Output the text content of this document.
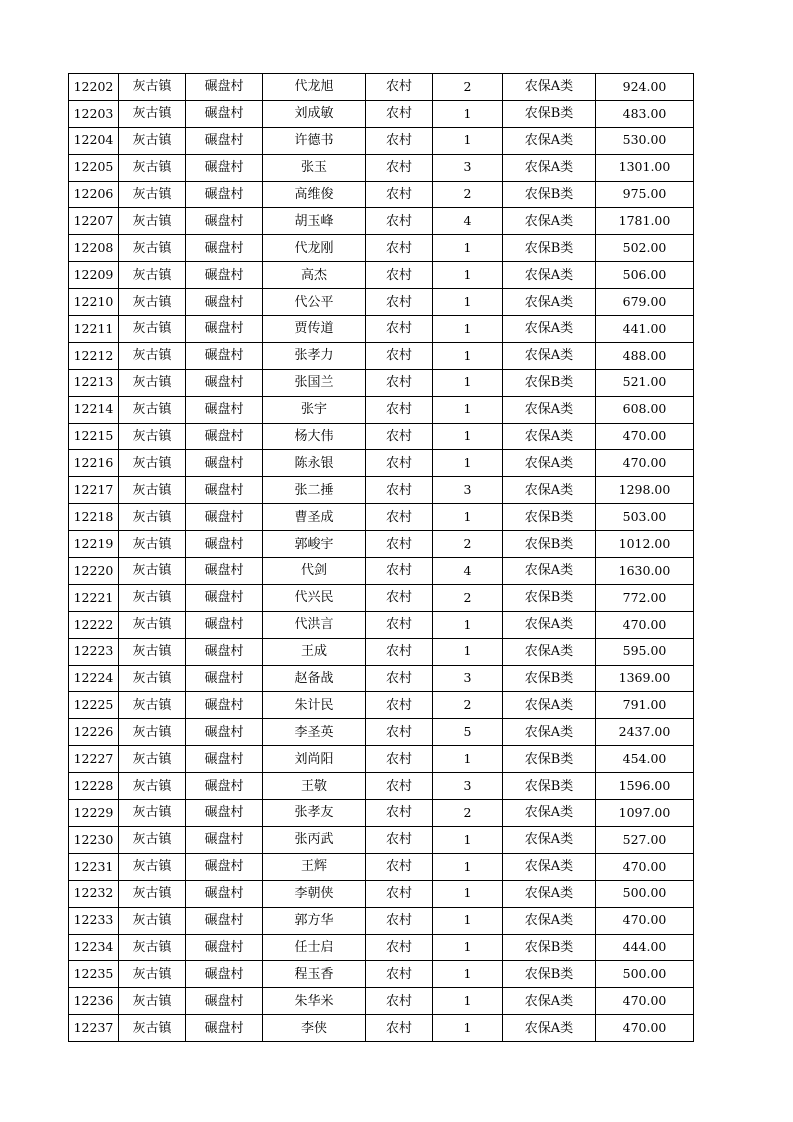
12202	灰古镇	碾盘村	代龙旭	农村	2	农保A类	924.00
12203	灰古镇	碾盘村	刘成敏	农村	1	农保B类	483.00
12204	灰古镇	碾盘村	许德书	农村	1	农保A类	530.00
12205	灰古镇	碾盘村	张玉	农村	3	农保A类	1301.00
12206	灰古镇	碾盘村	高维俊	农村	2	农保B类	975.00
12207	灰古镇	碾盘村	胡玉峰	农村	4	农保A类	1781.00
12208	灰古镇	碾盘村	代龙刚	农村	1	农保B类	502.00
12209	灰古镇	碾盘村	高杰	农村	1	农保A类	506.00
12210	灰古镇	碾盘村	代公平	农村	1	农保A类	679.00
12211	灰古镇	碾盘村	贾传道	农村	1	农保A类	441.00
12212	灰古镇	碾盘村	张孝力	农村	1	农保A类	488.00
12213	灰古镇	碾盘村	张国兰	农村	1	农保B类	521.00
12214	灰古镇	碾盘村	张宇	农村	1	农保A类	608.00
12215	灰古镇	碾盘村	杨大伟	农村	1	农保A类	470.00
12216	灰古镇	碾盘村	陈永银	农村	1	农保A类	470.00
12217	灰古镇	碾盘村	张二捶	农村	3	农保A类	1298.00
12218	灰古镇	碾盘村	曹圣成	农村	1	农保B类	503.00
12219	灰古镇	碾盘村	郭峻宇	农村	2	农保B类	1012.00
12220	灰古镇	碾盘村	代剑	农村	4	农保A类	1630.00
12221	灰古镇	碾盘村	代兴民	农村	2	农保B类	772.00
12222	灰古镇	碾盘村	代洪言	农村	1	农保A类	470.00
12223	灰古镇	碾盘村	王成	农村	1	农保A类	595.00
12224	灰古镇	碾盘村	赵备战	农村	3	农保B类	1369.00
12225	灰古镇	碾盘村	朱计民	农村	2	农保A类	791.00
12226	灰古镇	碾盘村	李圣英	农村	5	农保A类	2437.00
12227	灰古镇	碾盘村	刘尚阳	农村	1	农保B类	454.00
12228	灰古镇	碾盘村	王敬	农村	3	农保B类	1596.00
12229	灰古镇	碾盘村	张孝友	农村	2	农保A类	1097.00
12230	灰古镇	碾盘村	张丙武	农村	1	农保A类	527.00
12231	灰古镇	碾盘村	王辉	农村	1	农保A类	470.00
12232	灰古镇	碾盘村	李朝侠	农村	1	农保A类	500.00
12233	灰古镇	碾盘村	郭方华	农村	1	农保A类	470.00
12234	灰古镇	碾盘村	任士启	农村	1	农保B类	444.00
12235	灰古镇	碾盘村	程玉香	农村	1	农保B类	500.00
12236	灰古镇	碾盘村	朱华米	农村	1	农保A类	470.00
12237	灰古镇	碾盘村	李侠	农村	1	农保A类	470.00
